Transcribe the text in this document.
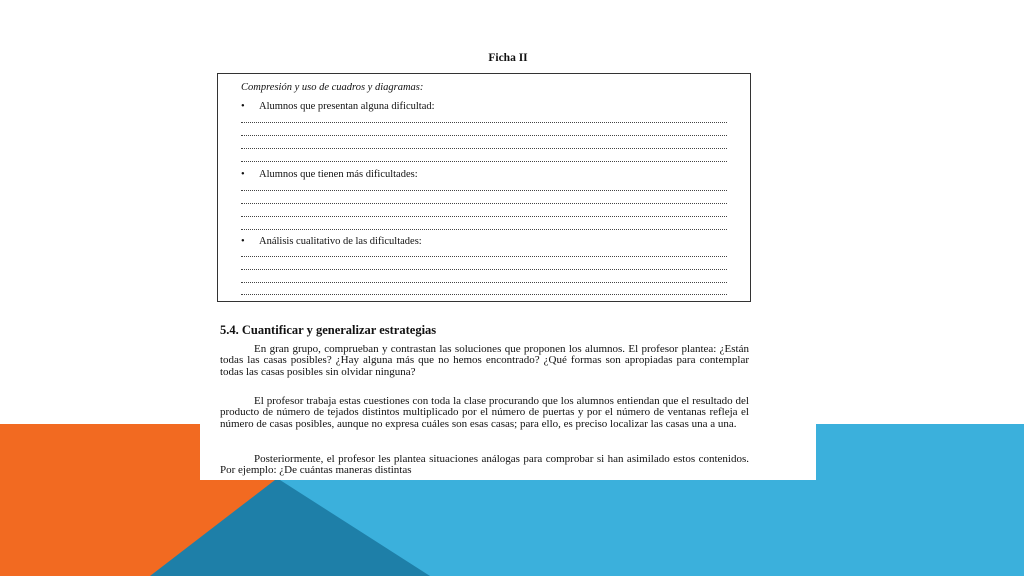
Ficha II
Compresión y uso de cuadros y diagramas:
• Alumnos que presentan alguna dificultad:
• Alumnos que tienen más dificultades:
• Análisis cualitativo de las dificultades:
5.4. Cuantificar y generalizar estrategias

En gran grupo, comprueban y contrastan las soluciones que proponen los alumnos. El profesor plantea: ¿Están todas las casas posibles? ¿Hay alguna más que no hemos encontrado? ¿Qué formas son apropiadas para contemplar todas las casas posibles sin olvidar ninguna?

El profesor trabaja estas cuestiones con toda la clase procurando que los alumnos entiendan que el resultado del producto de número de tejados distintos multiplicado por el número de puertas y por el número de ventanas refleja el número de casas posibles, aunque no expresa cuáles son esas casas; para ello, es preciso localizar las casas una a una.

Posteriormente, el profesor les plantea situaciones análogas para comprobar si han asimilado estos contenidos. Por ejemplo: ¿De cuántas maneras distintas
